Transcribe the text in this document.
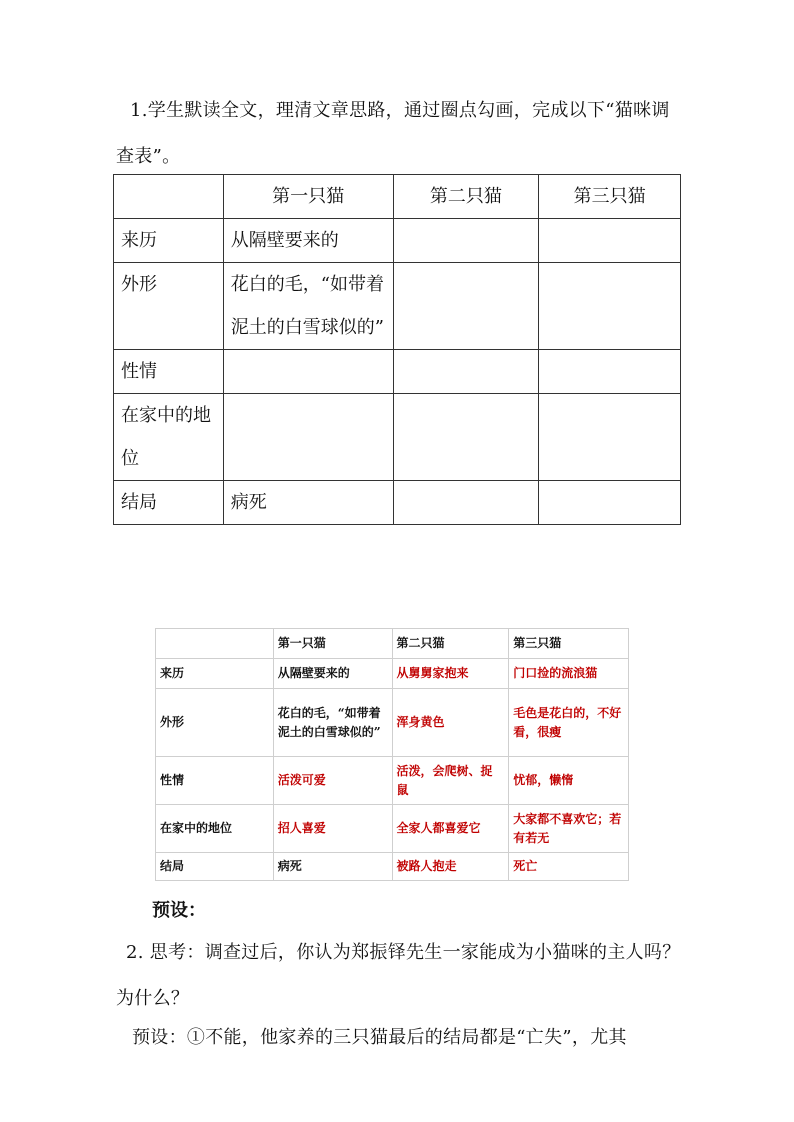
1.学生默读全文，理清文章思路，通过圈点勾画，完成以下“猫咪调查表”。
	第一只猫	第二只猫	第三只猫
来历	从隔壁要来的		
外形	花白的毛，“如带着泥土的白雪球似的”		
性情			
在家中的地位			
结局	病死		
	第一只猫	第二只猫	第三只猫
来历	从隔壁要来的	从舅舅家抱来	门口捡的流浪猫
外形	花白的毛，“如带着泥土的白雪球似的”	浑身黄色	毛色是花白的，不好看，很瘦
性情	活泼可爱	活泼，会爬树、捉鼠	忧郁，懒惰
在家中的地位	招人喜爱	全家人都喜爱它	大家都不喜欢它；若有若无
结局	病死	被路人抱走	死亡
预设：
2. 思考：调查过后，你认为郑振铎先生一家能成为小猫咪的主人吗？为什么？
预设：①不能，他家养的三只猫最后的结局都是“亡失”，尤其
